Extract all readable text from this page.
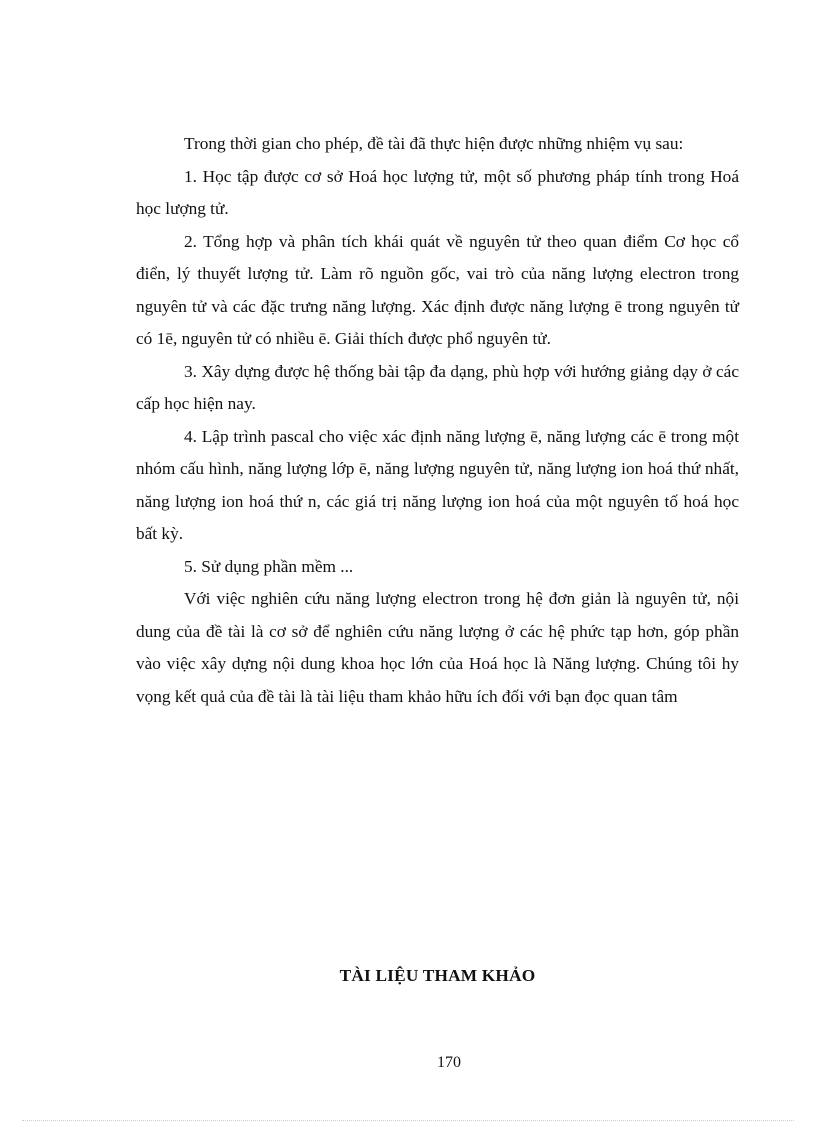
Trong thời gian cho phép, đề tài đã thực hiện được những nhiệm vụ sau:

1. Học tập được cơ sở Hoá học lượng tử, một số phương pháp tính trong Hoá học lượng tử.

2. Tổng hợp và phân tích khái quát về nguyên tử theo quan điểm Cơ học cổ điển, lý thuyết lượng tử. Làm rõ nguồn gốc, vai trò của năng lượng electron trong nguyên tử và các đặc trưng năng lượng. Xác định được năng lượng ē trong nguyên tử có 1ē, nguyên tử có nhiều ē. Giải thích được phổ nguyên tử.

3. Xây dựng được hệ thống bài tập đa dạng, phù hợp với hướng giảng dạy ở các cấp học hiện nay.

4. Lập trình pascal cho việc xác định năng lượng ē, năng lượng các ē trong một nhóm cấu hình, năng lượng lớp ē, năng lượng nguyên tử, năng lượng ion hoá thứ nhất, năng lượng ion hoá thứ n, các giá trị năng lượng ion hoá của một nguyên tố hoá học bất kỳ.

5. Sử dụng phần mềm ...

Với việc nghiên cứu năng lượng electron trong hệ đơn giản là nguyên tử, nội dung của đề tài là cơ sở để nghiên cứu năng lượng ở các hệ phức tạp hơn, góp phần vào việc xây dựng nội dung khoa học lớn của Hoá học là Năng lượng. Chúng tôi hy vọng kết quả của đề tài là tài liệu tham khảo hữu ích đối với bạn đọc quan tâm

TÀI LIỆU THAM KHẢO
170
